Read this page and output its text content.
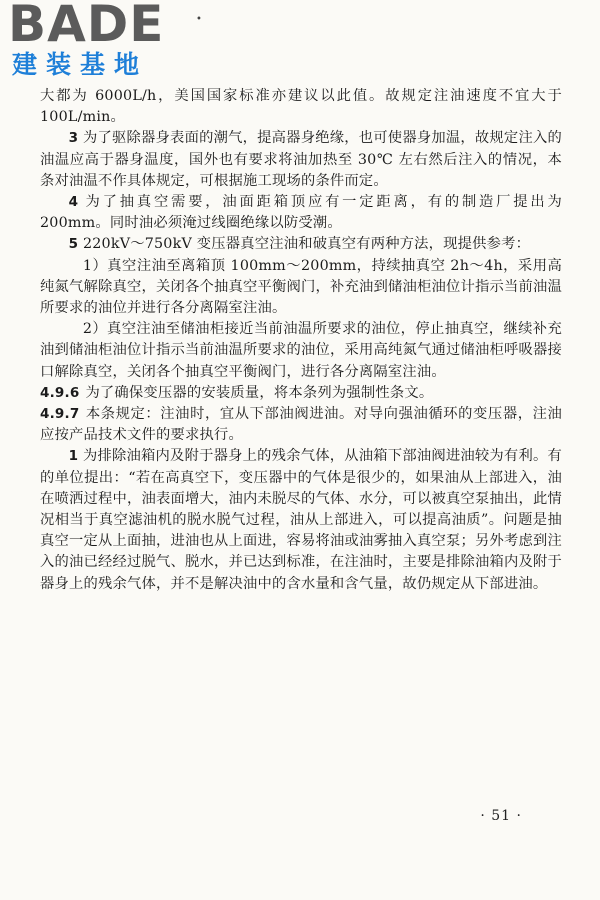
BADE
建装基地
•

大都为 6000L/h，美国国家标准亦建议以此值。故规定注油速度不宜大于 100L/min。

3 为了驱除器身表面的潮气，提高器身绝缘，也可使器身加温，故规定注入的油温应高于器身温度，国外也有要求将油加热至 30℃ 左右然后注入的情况，本条对油温不作具体规定，可根据施工现场的条件而定。

4 为了抽真空需要，油面距箱顶应有一定距离，有的制造厂提出为 200mm。同时油必须淹过线圈绝缘以防受潮。

5 220kV～750kV 变压器真空注油和破真空有两种方法，现提供参考：

1）真空注油至离箱顶 100mm～200mm，持续抽真空 2h～4h，采用高纯氮气解除真空，关闭各个抽真空平衡阀门，补充油到储油柜油位计指示当前油温所要求的油位并进行各分离隔室注油。

2）真空注油至储油柜接近当前油温所要求的油位，停止抽真空，继续补充油到储油柜油位计指示当前油温所要求的油位，采用高纯氮气通过储油柜呼吸器接口解除真空，关闭各个抽真空平衡阀门，进行各分离隔室注油。

4.9.6 为了确保变压器的安装质量，将本条列为强制性条文。

4.9.7 本条规定：注油时，宜从下部油阀进油。对导向强油循环的变压器，注油应按产品技术文件的要求执行。

1 为排除油箱内及附于器身上的残余气体，从油箱下部油阀进油较为有利。有的单位提出：“若在高真空下，变压器中的气体是很少的，如果油从上部进入，油在喷洒过程中，油表面增大，油内未脱尽的气体、水分，可以被真空泵抽出，此情况相当于真空滤油机的脱水脱气过程，油从上部进入，可以提高油质”。问题是抽真空一定从上面抽，进油也从上面进，容易将油或油雾抽入真空泵；另外考虑到注入的油已经经过脱气、脱水，并已达到标准，在注油时，主要是排除油箱内及附于器身上的残余气体，并不是解决油中的含水量和含气量，故仍规定从下部进油。

· 51 ·
